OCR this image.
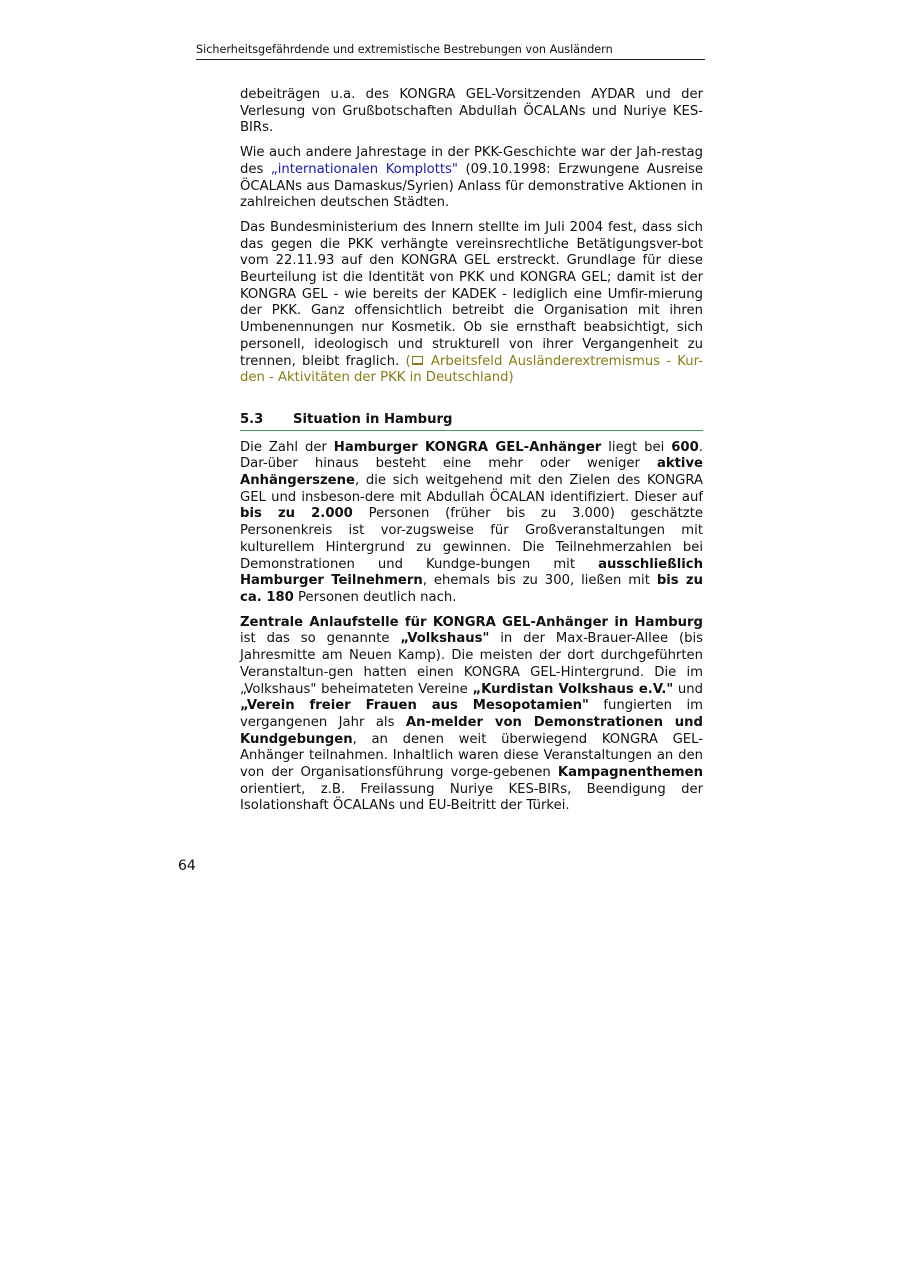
Sicherheitsgefährdende und extremistische Bestrebungen von Ausländern

debeiträgen u.a. des KONGRA GEL-Vorsitzenden AYDAR und der Verlesung von Grußbotschaften Abdullah ÖCALANs und Nuriye KES-BIRs.

Wie auch andere Jahrestage in der PKK-Geschichte war der Jah-restag des „internationalen Komplotts" (09.10.1998: Erzwungene Ausreise ÖCALANs aus Damaskus/Syrien) Anlass für demonstrative Aktionen in zahlreichen deutschen Städten.

Das Bundesministerium des Innern stellte im Juli 2004 fest, dass sich das gegen die PKK verhängte vereinsrechtliche Betätigungsver-bot vom 22.11.93 auf den KONGRA GEL erstreckt. Grundlage für diese Beurteilung ist die Identität von PKK und KONGRA GEL; damit ist der KONGRA GEL - wie bereits der KADEK - lediglich eine Umfir-mierung der PKK. Ganz offensichtlich betreibt die Organisation mit ihren Umbenennungen nur Kosmetik. Ob sie ernsthaft beabsichtigt, sich personell, ideologisch und strukturell von ihrer Vergangenheit zu trennen, bleibt fraglich. ( Arbeitsfeld Ausländerextremismus - Kur-den - Aktivitäten der PKK in Deutschland)

5.3	Situation in Hamburg

Die Zahl der Hamburger KONGRA GEL-Anhänger liegt bei 600. Dar-über hinaus besteht eine mehr oder weniger aktive Anhängerszene, die sich weitgehend mit den Zielen des KONGRA GEL und insbeson-dere mit Abdullah ÖCALAN identifiziert. Dieser auf bis zu 2.000 Personen (früher bis zu 3.000) geschätzte Personenkreis ist vor-zugsweise für Großveranstaltungen mit kulturellem Hintergrund zu gewinnen. Die Teilnehmerzahlen bei Demonstrationen und Kundge-bungen mit ausschließlich Hamburger Teilnehmern, ehemals bis zu 300, ließen mit bis zu ca. 180 Personen deutlich nach.

Zentrale Anlaufstelle für KONGRA GEL-Anhänger in Hamburg ist das so genannte „Volkshaus" in der Max-Brauer-Allee (bis Jahresmitte am Neuen Kamp). Die meisten der dort durchgeführten Veranstaltun-gen hatten einen KONGRA GEL-Hintergrund. Die im „Volkshaus" beheimateten Vereine „Kurdistan Volkshaus e.V." und „Verein freier Frauen aus Mesopotamien" fungierten im vergangenen Jahr als An-melder von Demonstrationen und Kundgebungen, an denen weit überwiegend KONGRA GEL-Anhänger teilnahmen. Inhaltlich waren diese Veranstaltungen an den von der Organisationsführung vorge-gebenen Kampagnenthemen orientiert, z.B. Freilassung Nuriye KES-BIRs, Beendigung der Isolationshaft ÖCALANs und EU-Beitritt der Türkei.

64
